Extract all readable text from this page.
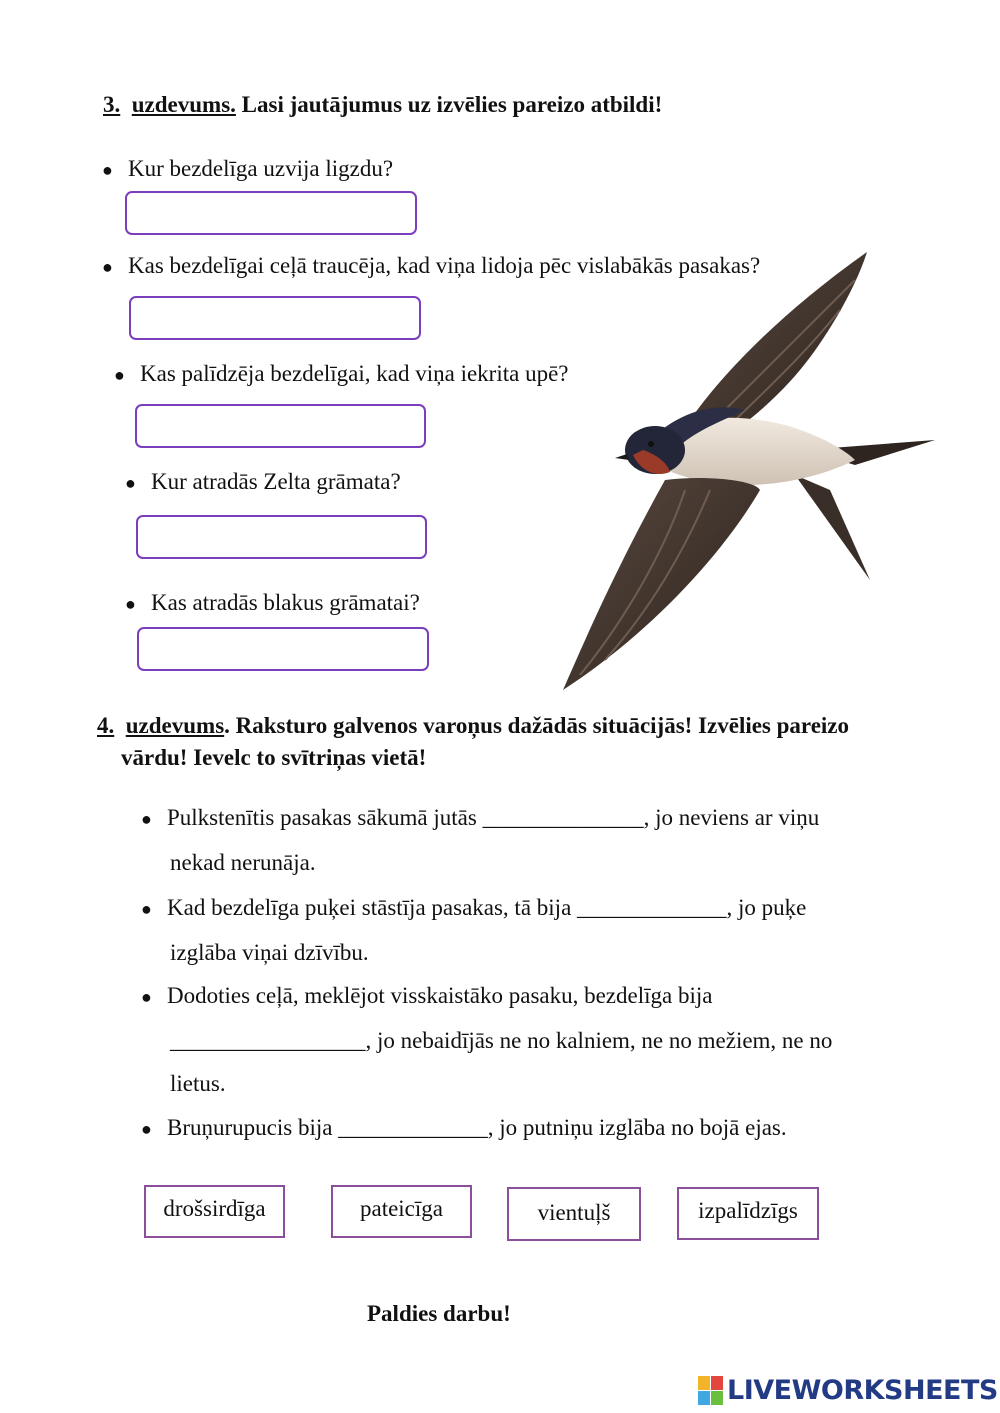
3. uzdevums. Lasi jautājumus uz izvēlies pareizo atbildi!
● Kur bezdelīga uzvija ligzdu?
● Kas bezdelīgai ceļā traucēja, kad viņa lidoja pēc vislabākās pasakas?
● Kas palīdzēja bezdelīgai, kad viņa iekrita upē?
● Kur atradās Zelta grāmata?
● Kas atradās blakus grāmatai?
4. uzdevums. Raksturo galvenos varoņus dažādās situācijās! Izvēlies pareizo
vārdu! Ievelc to svītriņas vietā!
● Pulkstenītis pasakas sākumā jutās ______________, jo neviens ar viņu
nekad nerunāja.
● Kad bezdelīga puķei stāstīja pasakas, tā bija _____________, jo puķe
izglāba viņai dzīvību.
● Dodoties ceļā, meklējot visskaistāko pasaku, bezdelīga bija
_________________, jo nebaidījās ne no kalniem, ne no mežiem, ne no
lietus.
● Bruņurupucis bija _____________, jo putniņu izglāba no bojā ejas.
drošsirdīga	pateicīga	vientuļš	izpalīdzīgs
Paldies darbu!
LIVEWORKSHEETS
